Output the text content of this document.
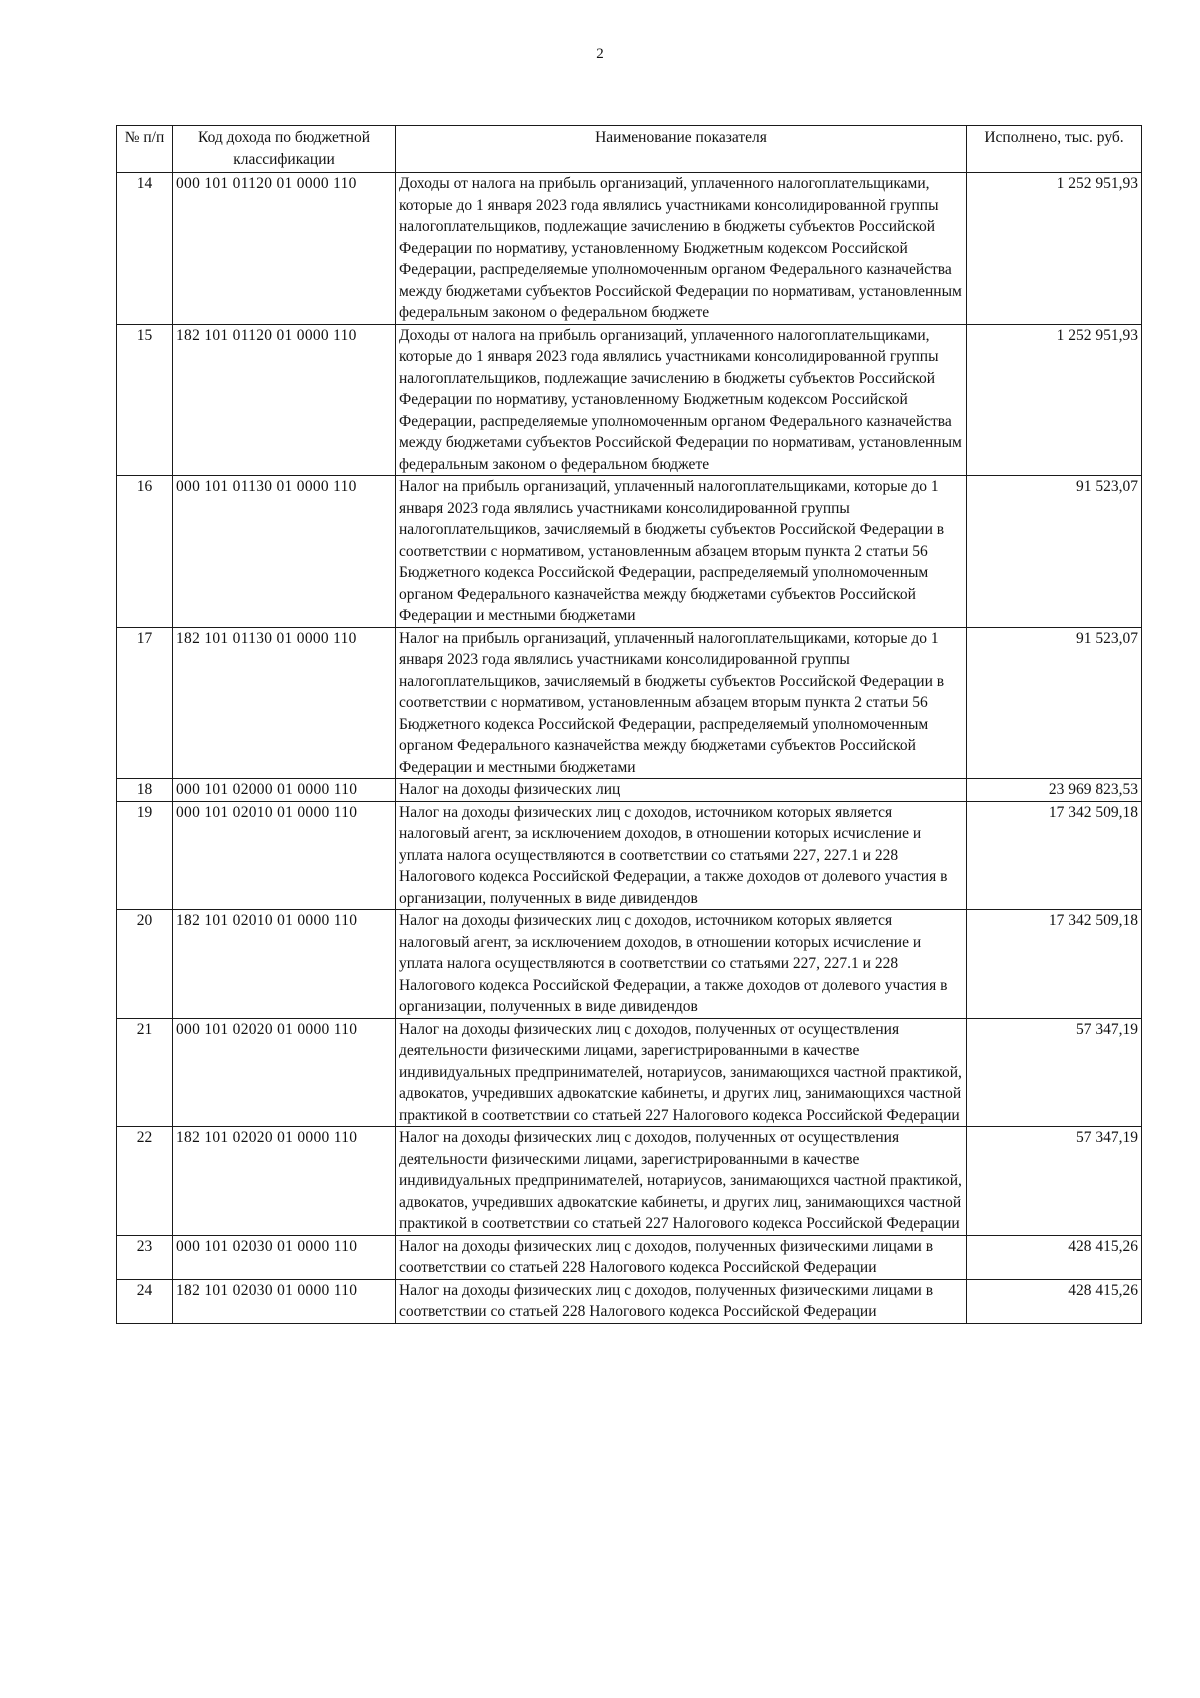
2
№ п/п	Код дохода по бюджетной классификации	Наименование показателя	Исполнено, тыс. руб.
14	000 101 01120 01 0000 110	Доходы от налога на прибыль организаций, уплаченного налогоплательщиками, которые до 1 января 2023 года являлись участниками консолидированной группы налогоплательщиков, подлежащие зачислению в бюджеты субъектов Российской Федерации по нормативу, установленному Бюджетным кодексом Российской Федерации, распределяемые уполномоченным органом Федерального казначейства между бюджетами субъектов Российской Федерации по нормативам, установленным федеральным законом о федеральном бюджете	1 252 951,93
15	182 101 01120 01 0000 110	Доходы от налога на прибыль организаций, уплаченного налогоплательщиками, которые до 1 января 2023 года являлись участниками консолидированной группы налогоплательщиков, подлежащие зачислению в бюджеты субъектов Российской Федерации по нормативу, установленному Бюджетным кодексом Российской Федерации, распределяемые уполномоченным органом Федерального казначейства между бюджетами субъектов Российской Федерации по нормативам, установленным федеральным законом о федеральном бюджете	1 252 951,93
16	000 101 01130 01 0000 110	Налог на прибыль организаций, уплаченный налогоплательщиками, которые до 1 января 2023 года являлись участниками консолидированной группы налогоплательщиков, зачисляемый в бюджеты субъектов Российской Федерации в соответствии с нормативом, установленным абзацем вторым пункта 2 статьи 56 Бюджетного кодекса Российской Федерации, распределяемый уполномоченным органом Федерального казначейства между бюджетами субъектов Российской Федерации и местными бюджетами	91 523,07
17	182 101 01130 01 0000 110	Налог на прибыль организаций, уплаченный налогоплательщиками, которые до 1 января 2023 года являлись участниками консолидированной группы налогоплательщиков, зачисляемый в бюджеты субъектов Российской Федерации в соответствии с нормативом, установленным абзацем вторым пункта 2 статьи 56 Бюджетного кодекса Российской Федерации, распределяемый уполномоченным органом Федерального казначейства между бюджетами субъектов Российской Федерации и местными бюджетами	91 523,07
18	000 101 02000 01 0000 110	Налог на доходы физических лиц	23 969 823,53
19	000 101 02010 01 0000 110	Налог на доходы физических лиц с доходов, источником которых является налоговый агент, за исключением доходов, в отношении которых исчисление и уплата налога осуществляются в соответствии со статьями 227, 227.1 и 228 Налогового кодекса Российской Федерации, а также доходов от долевого участия в организации, полученных в виде дивидендов	17 342 509,18
20	182 101 02010 01 0000 110	Налог на доходы физических лиц с доходов, источником которых является налоговый агент, за исключением доходов, в отношении которых исчисление и уплата налога осуществляются в соответствии со статьями 227, 227.1 и 228 Налогового кодекса Российской Федерации, а также доходов от долевого участия в организации, полученных в виде дивидендов	17 342 509,18
21	000 101 02020 01 0000 110	Налог на доходы физических лиц с доходов, полученных от осуществления деятельности физическими лицами, зарегистрированными в качестве индивидуальных предпринимателей, нотариусов, занимающихся частной практикой, адвокатов, учредивших адвокатские кабинеты, и других лиц, занимающихся частной практикой в соответствии со статьей 227 Налогового кодекса Российской Федерации	57 347,19
22	182 101 02020 01 0000 110	Налог на доходы физических лиц с доходов, полученных от осуществления деятельности физическими лицами, зарегистрированными в качестве индивидуальных предпринимателей, нотариусов, занимающихся частной практикой, адвокатов, учредивших адвокатские кабинеты, и других лиц, занимающихся частной практикой в соответствии со статьей 227 Налогового кодекса Российской Федерации	57 347,19
23	000 101 02030 01 0000 110	Налог на доходы физических лиц с доходов, полученных физическими лицами в соответствии со статьей 228 Налогового кодекса Российской Федерации	428 415,26
24	182 101 02030 01 0000 110	Налог на доходы физических лиц с доходов, полученных физическими лицами в соответствии со статьей 228 Налогового кодекса Российской Федерации	428 415,26
